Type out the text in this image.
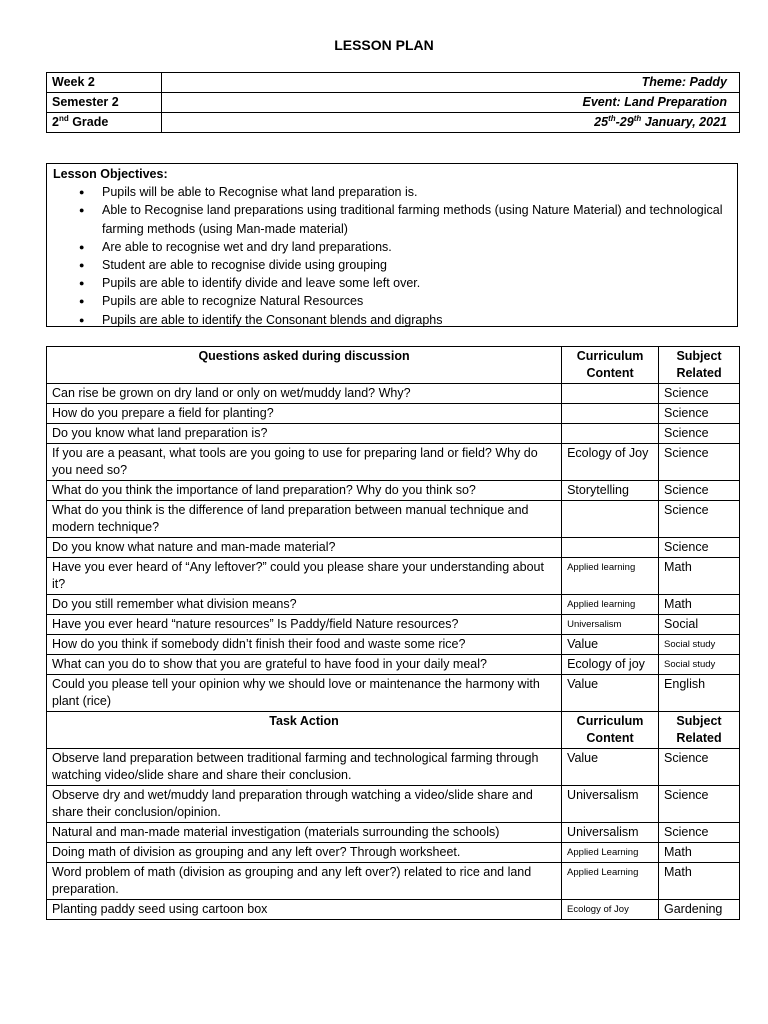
LESSON PLAN
Week 2	Theme: Paddy
Semester 2	Event: Land Preparation
2nd Grade	25th-29th January, 2021
Lesson Objectives:
● Pupils will be able to Recognise what land preparation is.
● Able to Recognise land preparations using traditional farming methods (using Nature Material) and technological farming methods (using Man-made material)
● Are able to recognise wet and dry land preparations.
● Student are able to recognise divide using grouping
● Pupils are able to identify divide and leave some left over.
● Pupils are able to recognize Natural Resources
● Pupils are able to identify the Consonant blends and digraphs
Questions asked during discussion	Curriculum Content	Subject Related
Can rise be grown on dry land or only on wet/muddy land? Why?		Science
How do you prepare a field for planting?		Science
Do you know what land preparation is?		Science
If you are a peasant, what tools are you going to use for preparing land or field? Why do you need so?	Ecology of Joy	Science
What do you think the importance of land preparation? Why do you think so?	Storytelling	Science
What do you think is the difference of land preparation between manual technique and modern technique?		Science
Do you know what nature and man-made material?		Science
Have you ever heard of “Any leftover?” could you please share your understanding about it?	Applied learning	Math
Do you still remember what division means?	Applied learning	Math
Have you ever heard “nature resources” Is Paddy/field Nature resources?	Universalism	Social
How do you think if somebody didn’t finish their food and waste some rice?	Value	Social study
What can you do to show that you are grateful to have food in your daily meal?	Ecology of joy	Social study
Could you please tell your opinion why we should love or maintenance the harmony with plant (rice)	Value	English
Task Action	Curriculum Content	Subject Related
Observe land preparation between traditional farming and technological farming through watching video/slide share and share their conclusion.	Value	Science
Observe dry and wet/muddy land preparation through watching a video/slide share and share their conclusion/opinion.	Universalism	Science
Natural and man-made material investigation (materials surrounding the schools)	Universalism	Science
Doing math of division as grouping and any left over? Through worksheet.	Applied Learning	Math
Word problem of math (division as grouping and any left over?) related to rice and land preparation.	Applied Learning	Math
Planting paddy seed using cartoon box	Ecology of Joy	Gardening
